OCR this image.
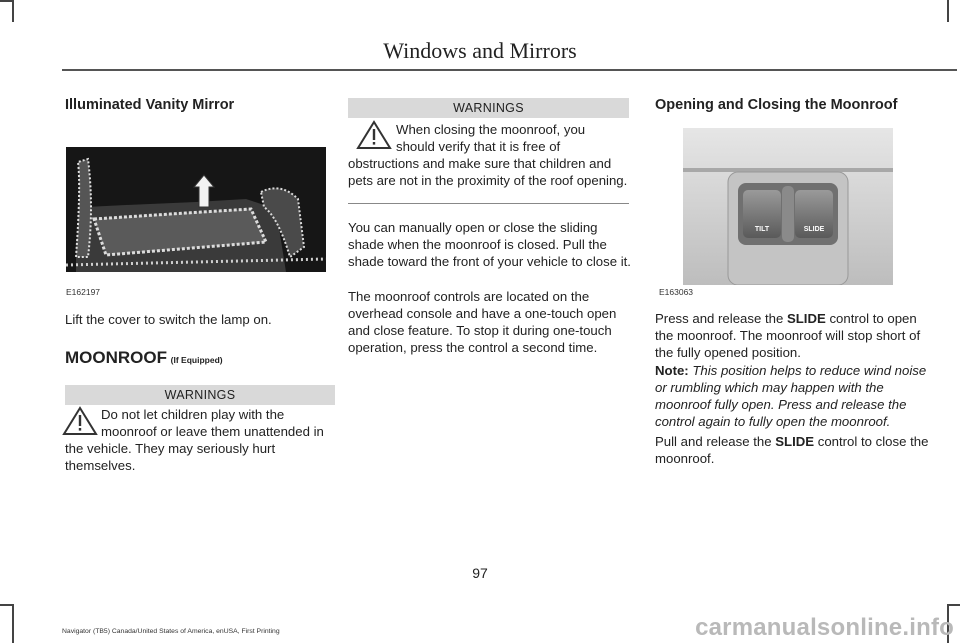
Windows and Mirrors
Illuminated Vanity Mirror
E162197
Lift the cover to switch the lamp on.
MOONROOF (If Equipped)
WARNINGS
Do not let children play with the
moonroof or leave them unattended in
the vehicle. They may seriously hurt themselves.
WARNINGS
When closing the moonroof, you
should verify that it is free of
obstructions and make sure that children and pets are not in the proximity of the roof opening.
You can manually open or close the sliding shade when the moonroof is closed. Pull the shade toward the front of your vehicle to close it.
The moonroof controls are located on the overhead console and have a one-touch open and close feature. To stop it during one-touch operation, press the control a second time.
Opening and Closing the Moonroof
TILT	SLIDE
E163063
Press and release the SLIDE control to open the moonroof. The moonroof will stop short of the fully opened position.
Note: This position helps to reduce wind noise or rumbling which may happen with the moonroof fully open. Press and release the control again to fully open the moonroof.
Pull and release the SLIDE control to close the moonroof.
97
Navigator (TB5) Canada/United States of America, enUSA, First Printing	carmanualsonline.info
